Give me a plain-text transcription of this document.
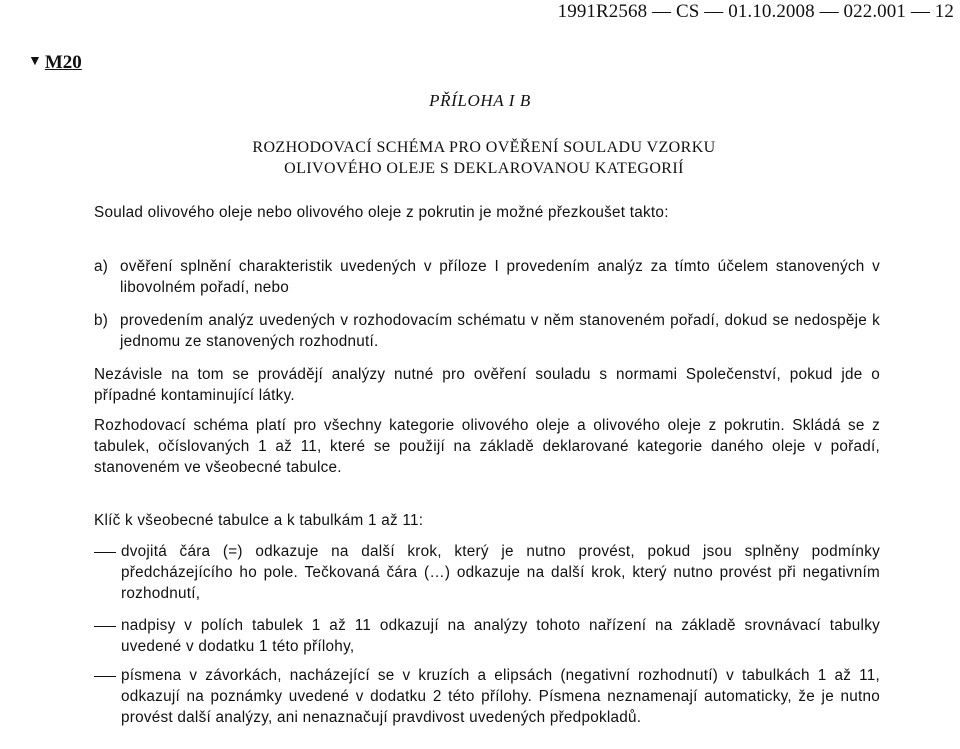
1991R2568 — CS — 01.10.2008 — 022.001 — 12
▼ M20
PŘÍLOHA I B
ROZHODOVACÍ SCHÉMA PRO OVĚŘENÍ SOULADU VZORKU
OLIVOVÉHO OLEJE S DEKLAROVANOU KATEGORIÍ

Soulad olivového oleje nebo olivového oleje z pokrutin je možné přezkoušet takto:

a) ověření splnění charakteristik uvedených v příloze I provedením analýz za tímto účelem stanovených v libovolném pořadí, nebo
b) provedením analýz uvedených v rozhodovacím schématu v něm stanoveném pořadí, dokud se nedospěje k jednomu ze stanovených rozhodnutí.

Nezávisle na tom se provádějí analýzy nutné pro ověření souladu s normami Společenství, pokud jde o případné kontaminující látky.

Rozhodovací schéma platí pro všechny kategorie olivového oleje a olivového oleje z pokrutin. Skládá se z tabulek, očíslovaných 1 až 11, které se použijí na základě deklarované kategorie daného oleje v pořadí, stanoveném ve všeobecné tabulce.

Klíč k všeobecné tabulce a k tabulkám 1 až 11:

dvojitá čára (=) odkazuje na další krok, který je nutno provést, pokud jsou splněny podmínky předcházejícího ho pole. Tečkovaná čára (…) odkazuje na další krok, který nutno provést při negativním rozhodnutí,
nadpisy v polích tabulek 1 až 11 odkazují na analýzy tohoto nařízení na základě srovnávací tabulky uvedené v dodatku 1 této přílohy,
písmena v závorkách, nacházející se v kruzích a elipsách (negativní rozhodnutí) v tabulkách 1 až 11, odkazují na poznámky uvedené v dodatku 2 této přílohy. Písmena neznamenají automaticky, že je nutno provést další analýzy, ani nenaznačují pravdivost uvedených předpokladů.
